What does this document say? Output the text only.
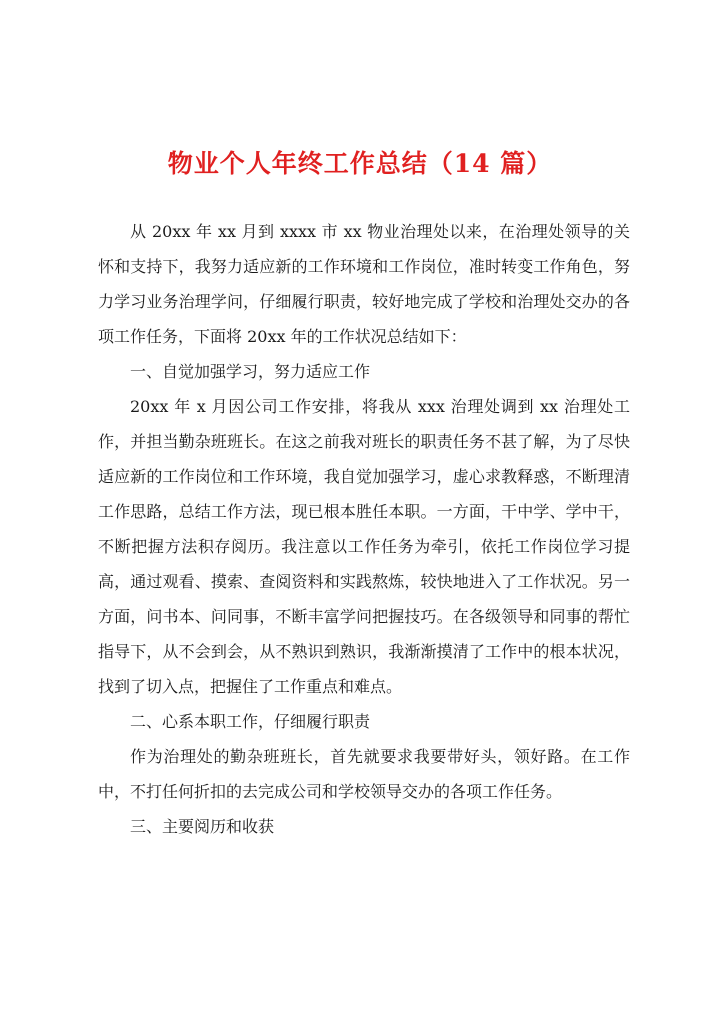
物业个人年终工作总结（14 篇）

从 20xx 年 xx 月到 xxxx 市 xx 物业治理处以来，在治理处领导的关怀和支持下，我努力适应新的工作环境和工作岗位，准时转变工作角色，努力学习业务治理学问，仔细履行职责，较好地完成了学校和治理处交办的各项工作任务，下面将 20xx 年的工作状况总结如下：

一、自觉加强学习，努力适应工作

20xx 年 x 月因公司工作安排，将我从 xxx 治理处调到 xx 治理处工作，并担当勤杂班班长。在这之前我对班长的职责任务不甚了解，为了尽快适应新的工作岗位和工作环境，我自觉加强学习，虚心求教释惑，不断理清工作思路，总结工作方法，现已根本胜任本职。一方面，干中学、学中干，不断把握方法积存阅历。我注意以工作任务为牵引，依托工作岗位学习提高，通过观看、摸索、查阅资料和实践熬炼，较快地进入了工作状况。另一方面，问书本、问同事，不断丰富学问把握技巧。在各级领导和同事的帮忙指导下，从不会到会，从不熟识到熟识，我渐渐摸清了工作中的根本状况，找到了切入点，把握住了工作重点和难点。

二、心系本职工作，仔细履行职责

作为治理处的勤杂班班长，首先就要求我要带好头，领好路。在工作中，不打任何折扣的去完成公司和学校领导交办的各项工作任务。

三、主要阅历和收获
